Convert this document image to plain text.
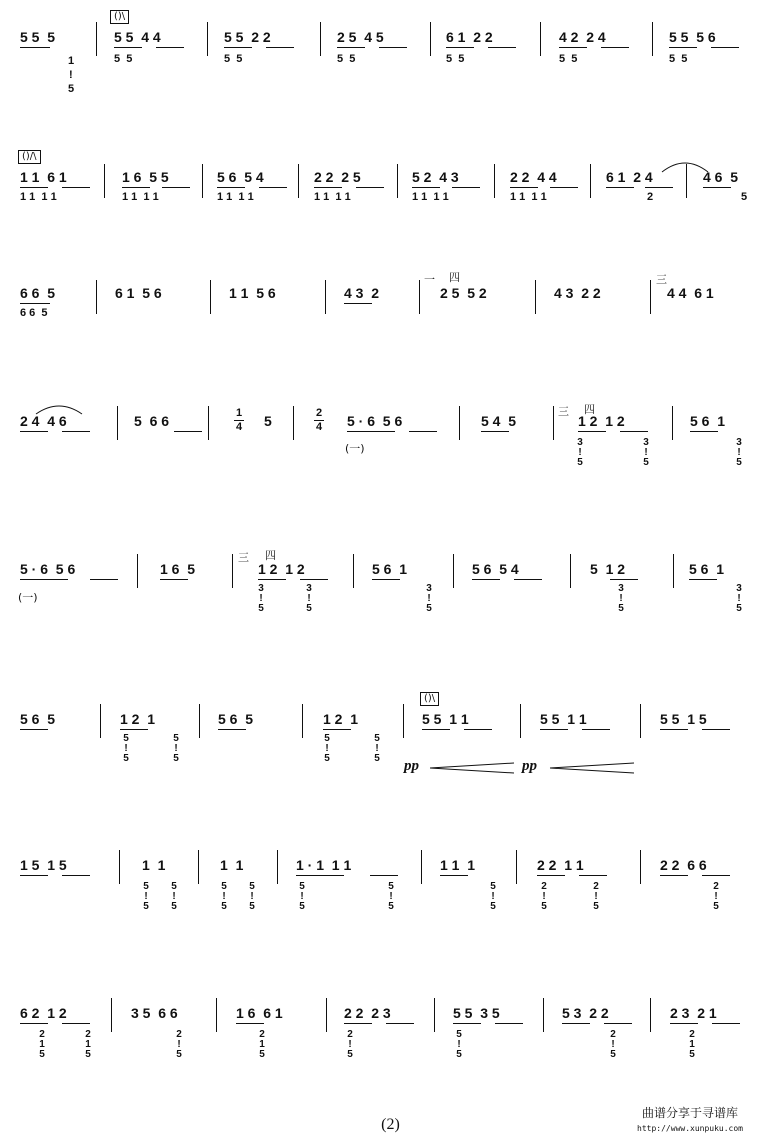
5 5  5
()\
5 5  4 4	5 5  2 2	2 5  4 5	6 1  2 2	4 2  2 4	5 5  5 6
1
!
5
5  5	5  5	5  5	5  5	5  5	5  5
()/\
1 1  6 1	1 6  5 5	5 6  5 4	2 2  2 5	5 2  4 3	2 2  4 4	6 1  2 4	4 6  5
1 1  1 1	1 1  1 1	1 1  1 1	1 1  1 1	1 1  1 1	1 1  1 1	2	5
6 6  5	6 1  5 6	1 1  5 6	4 3  2
一 四
2 5  5 2	4 3  2 2
三
4 4  6 1
6 6  5
2 4  4 6	5  6 6	1
4 5	2
4 5 · 6  5 6
(一)
5 4  5
三 四
1 2  1 2	5 6  1
3
!
5
3
!
5
3
!
5
5 · 6  5 6
(一)
1 6  5
三 四
1 2  1 2	5 6  1	5 6  5 4	5  1 2	5 6  1
3
!
5
3
!
5
3
!
5
3
!
5
3
!
5
5 6  5	1 2  1	5 6  5	1 2  1
()\
5 5  1 1	5 5  1 1	5 5  1 5
5
!
5
5
!
5
5
!
5
5
!
5 pp	pp
1 5  1 5	1  1	1  1	1 · 1  1 1	1 1  1	2 2  1 1	2 2  6 6
5
!
5
5
!
5
5
!
5
5
!
5
5
!
5
5
!
5
5
!
5
2
!
5
2
!
5
2
!
5
6 2  1 2	3 5  6 6	1 6  6 1	2 2  2 3	5 5  3 5	5 3  2 2	2 3  2 1
2
1
5
2
1
5
2
!
5
2
1
5
2
!
5
5
!
5
2
!
5
2
1
5
(2)
曲谱分享于寻谱库
http://www.xunpuku.com
